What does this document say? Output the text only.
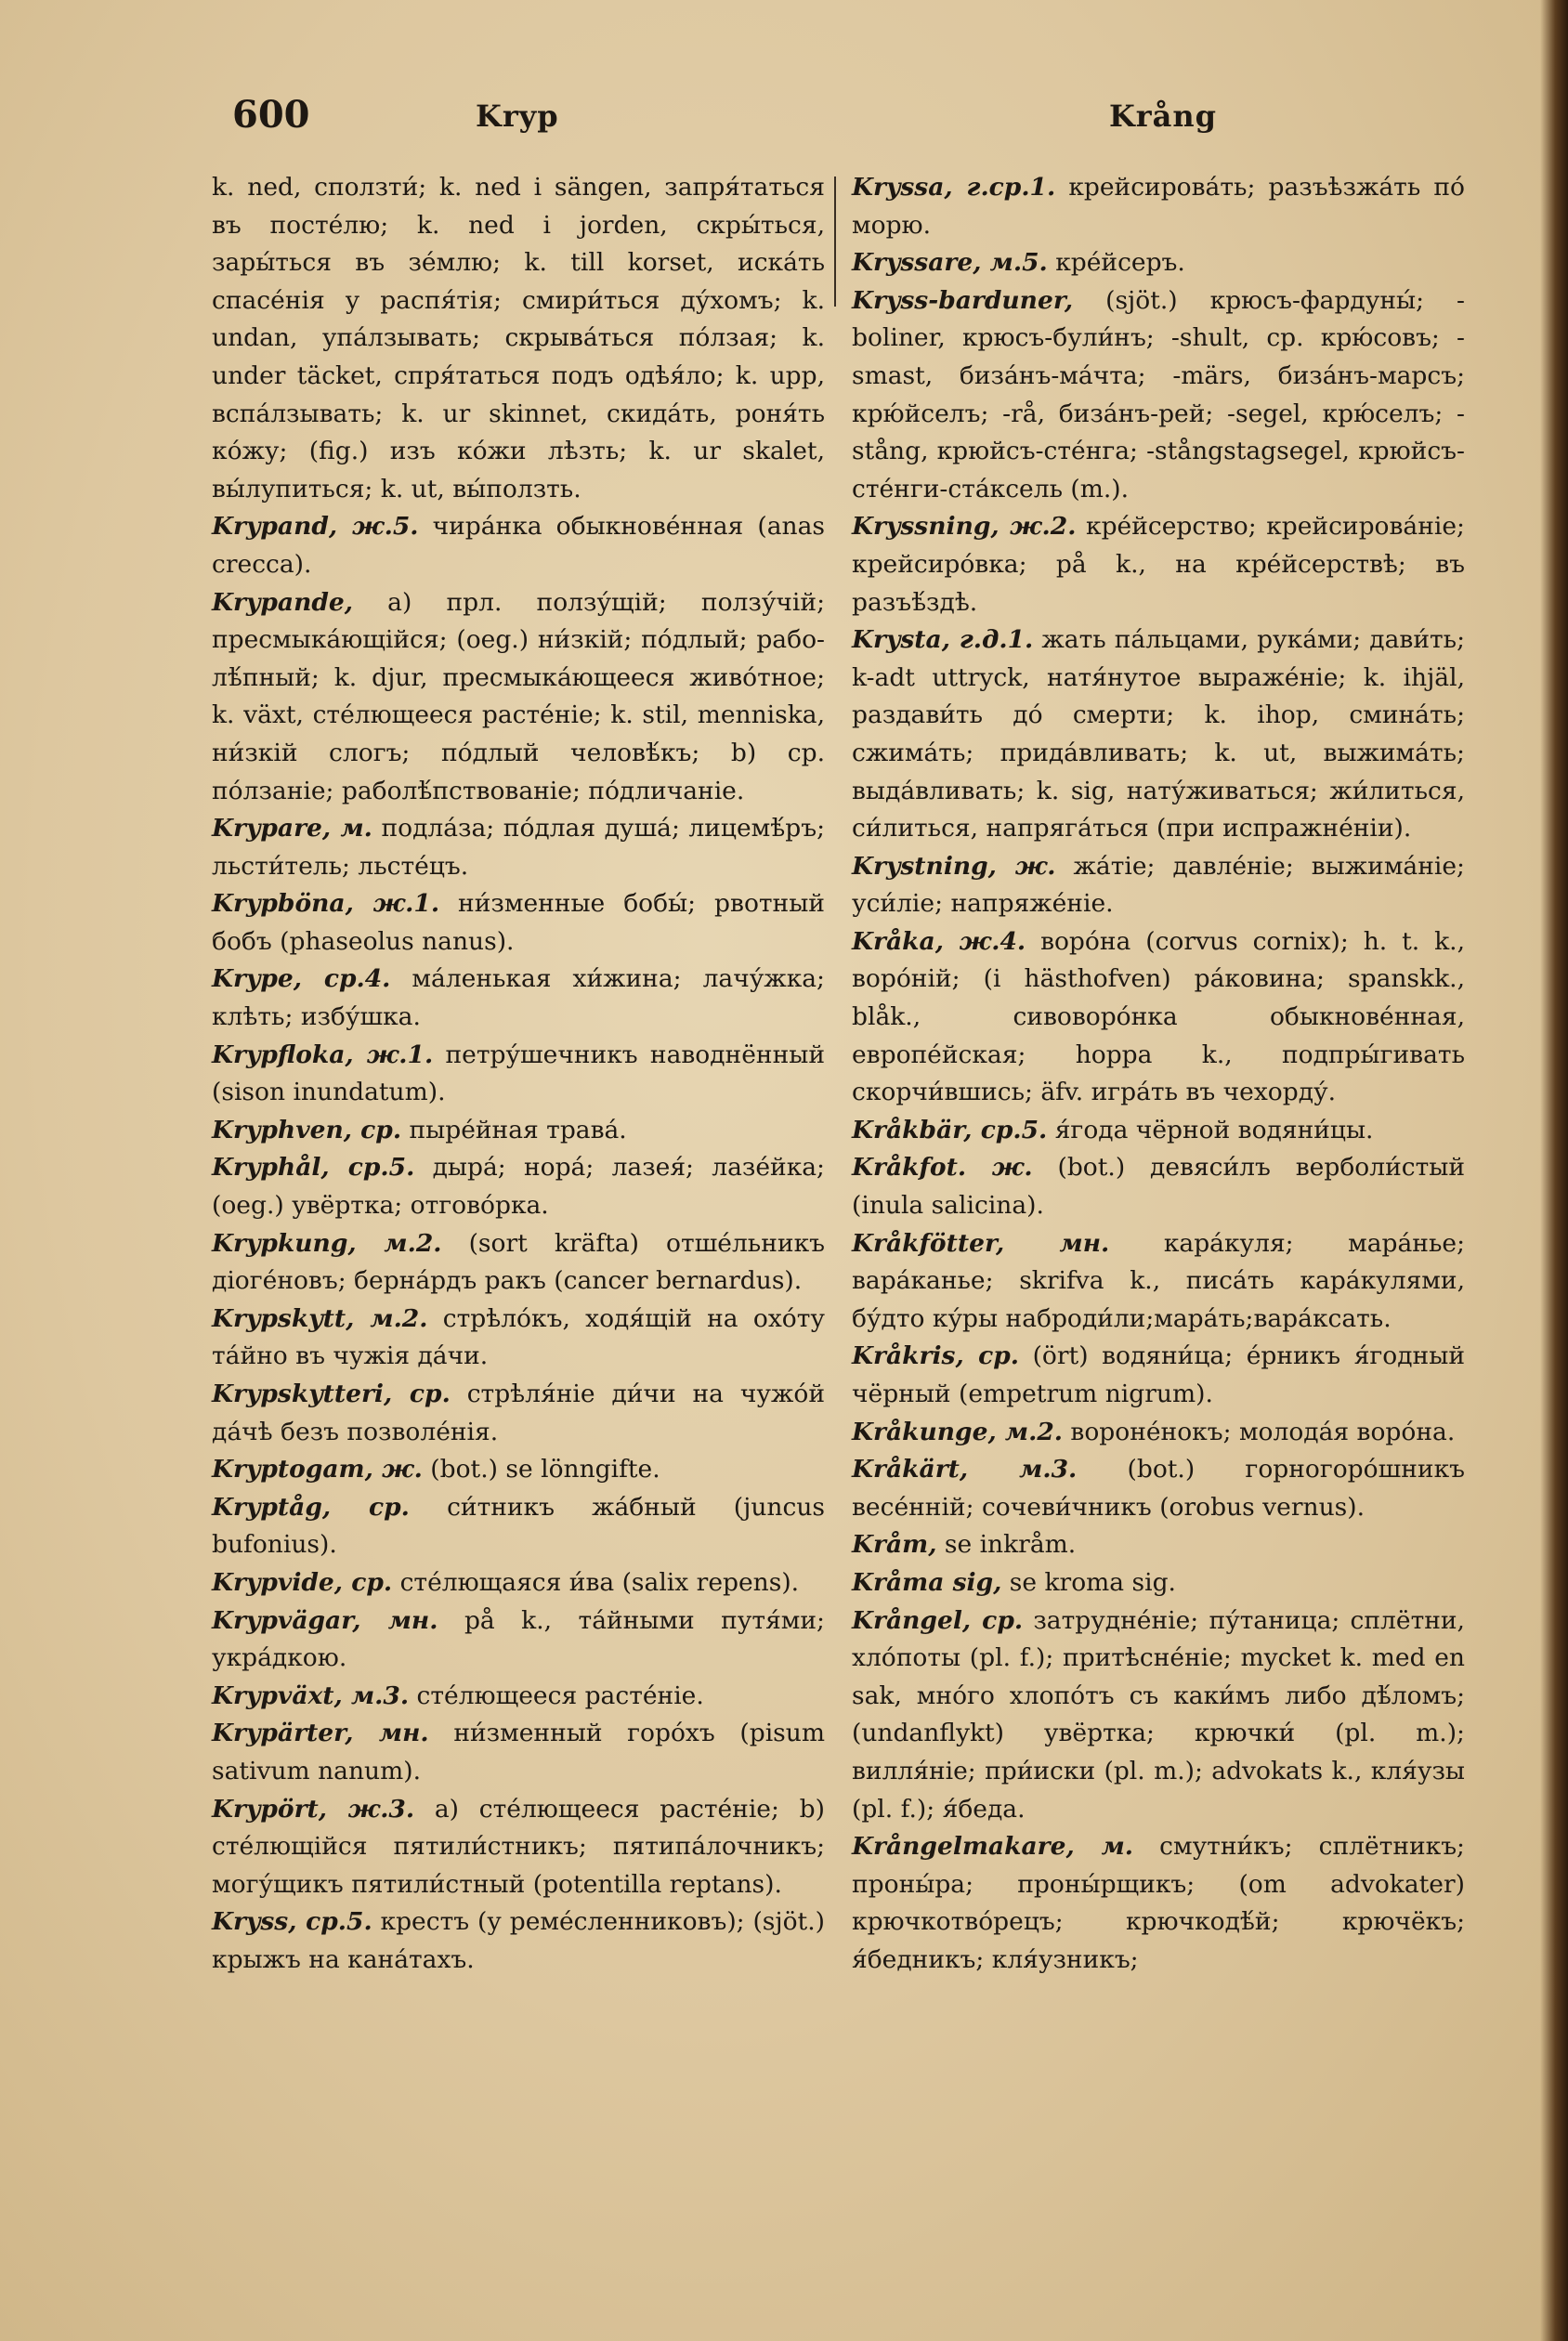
600	Kryp	Krång

k. ned, сползти́; k. ned i sängen, запря́таться въ посте́лю; k. ned i jorden, скры́ться, зары́ться въ зе́млю; k. till korset, иска́ть спасе́нія у распя́тія; смири́ться ду́хомъ; k. undan, упа́лзывать; скрыва́ться по́лзая; k. under täcket, спря́таться подъ одѣя́ло; k. upp, вспа́лзывать; k. ur skinnet, скида́ть, роня́ть ко́жу; (fig.) изъ ко́жи лѣзть; k. ur skalet, вы́лупиться; k. ut, вы́ползть.

Krypand, ж.5. чира́нка обыкнове́нная (anas crecca).

Krypande, а) прл. ползу́щій; ползу́чій; пресмыка́ющійся; (oeg.) ни́зкій; по́длый; раболѣ́пный; k. djur, пресмыка́ющееся живо́тное; k. växt, сте́лющееся расте́ніе; k. stil, menniska, ни́зкій слогъ; по́длый человѣ́къ; b) ср. по́лзаніе; раболѣ́пствованіе; по́дличаніе.

Krypare, м. подла́за; по́длая душа́; лицемѣ́ръ; льсти́тель; льсте́цъ.

Krypböna, ж.1. ни́зменные бобы́; рвотный бобъ (phaseolus nanus).

Krype, ср.4. ма́ленькая хи́жина; лачу́жка; клѣть; избу́шка.

Krypfloka, ж.1. петру́шечникъ наводнённый (sison inundatum).

Kryphven, ср. пыре́йная трава́.

Kryphål, ср.5. дыра́; нора́; лазея́; лазе́йка; (oeg.) увёртка; отгово́рка.

Krypkung, м.2. (sort kräfta) отше́льникъ діоге́новъ; берна́рдъ ракъ (cancer bernardus).

Krypskytt, м.2. стрѣло́къ, ходя́щій на охо́ту та́йно въ чужія да́чи.

Krypskytteri, ср. стрѣля́ніе ди́чи на чужо́й да́чѣ безъ позволе́нія.

Kryptogam, ж. (bot.) se lönngifte.

Kryptåg, ср. си́тникъ жа́бный (juncus bufonius).

Krypvide, ср. сте́лющаяся и́ва (salix repens).

Krypvägar, мн. på k., та́йными путя́ми; укра́дкою.

Krypväxt, м.3. сте́лющееся расте́ніе.

Krypärter, мн. ни́зменный горо́хъ (pisum sativum nanum).

Krypört, ж.3. а) сте́лющееся расте́ніе; b) сте́лющійся пятили́стникъ; пятипа́лочникъ; могу́щикъ пятили́стный (potentilla reptans).

Kryss, ср.5. крестъ (у реме́сленниковъ); (sjöt.) крыжъ на кана́тахъ.

Kryssa, г.ср.1. крейсирова́ть; разъѣзжа́ть по́ морю.

Kryssare, м.5. кре́йсеръ.

Kryss-barduner, (sjöt.) крюсъ-фардуны́; -boliner, крюсъ-були́нъ; -shult, ср. крю́совъ; -smast, биза́нъ-ма́чта; -märs, биза́нъ-марсъ; крю́йселъ; -rå, биза́нъ-рей; -segel, крю́селъ; -stång, крюйсъ-сте́нга; -stångstagsegel, крюйсъ-сте́нги-ста́ксель (m.).

Kryssning, ж.2. кре́йсерство; крейсирова́ніе; крейсиро́вка; på k., на кре́йсерствѣ; въ разъѣ́здѣ.

Krysta, г.д.1. жать па́льцами, рука́ми; дави́ть; k-adt uttryck, натя́нутое выраже́ніе; k. ihjäl, раздави́ть до́ смерти; k. ihop, смина́ть; сжима́ть; прида́вливать; k. ut, выжима́ть; выда́вливать; k. sig, нату́живаться; жи́литься, си́литься, напряга́ться (при испражне́ніи).

Krystning, ж. жа́тіе; давле́ніе; выжима́ніе; уси́ліе; напряже́ніе.

Kråka, ж.4. воро́на (corvus cornix); h. t. k., воро́ній; (i hästhofven) ра́ковина; spanskk., blåk., сивоворо́нка обыкнове́нная, европе́йская; hoppa k., подпры́гивать скорчи́вшись; äfv. игра́ть въ чехорду́.

Kråkbär, ср.5. я́года чёрной водяни́цы.

Kråkfot. ж. (bot.) девяси́лъ верболи́стый (inula salicina).

Kråkfötter, мн. кара́куля; мара́нье; вара́канье; skrifva k., писа́ть кара́кулями, бу́дто ку́ры наброди́ли;мара́ть;вара́ксать.

Kråkris, ср. (ört) водяни́ца; е́рникъ я́годный чёрный (empetrum nigrum).

Kråkunge, м.2. вороне́нокъ; молода́я воро́на.

Kråkärt, м.3. (bot.) горногоро́шникъ весе́нній; сочеви́чникъ (orobus vernus).

Kråm, se inkråm.

Kråma sig, se kroma sig.

Krångel, ср. затрудне́ніе; пу́таница; сплётни, хло́поты (pl. f.); притѣсне́ніе; mycket k. med en sak, мно́го хлопо́тъ съ каки́мъ либо дѣ́ломъ; (undanflykt) увёртка; крючки́ (pl. m.); вилля́ніе; при́иски (pl. m.); advokats k., кля́узы (pl. f.); я́беда.

Krångelmakare, м. смутни́къ; сплётникъ; проны́ра; проны́рщикъ; (om advokater) крючкотво́рецъ; крючкодѣ́й; крючёкъ; я́бедникъ; кля́узникъ;
